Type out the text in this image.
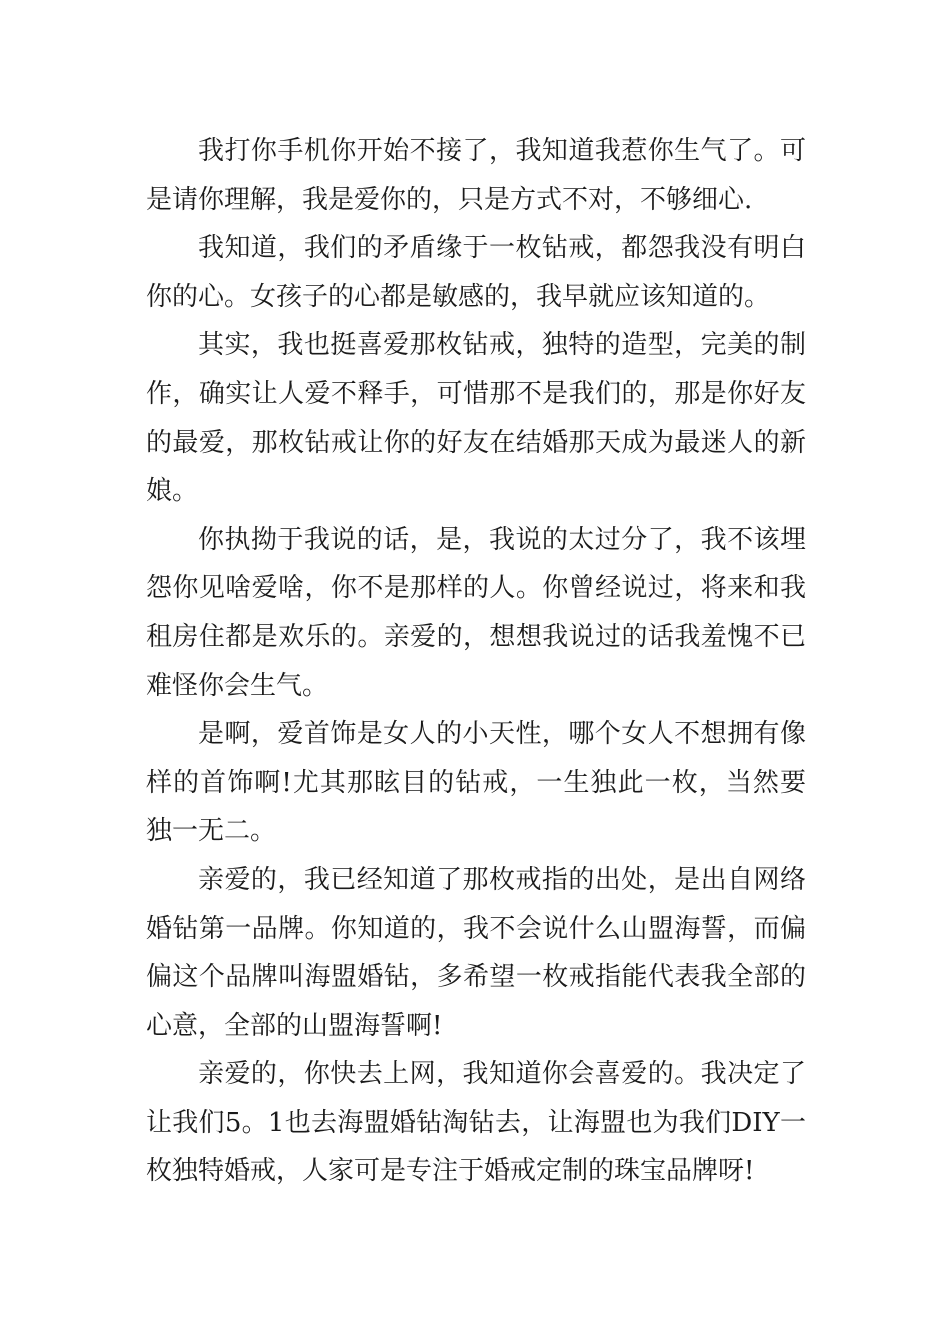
我打你手机你开始不接了，我知道我惹你生气了。可是请你理解，我是爱你的，只是方式不对，不够细心.

我知道，我们的矛盾缘于一枚钻戒，都怨我没有明白你的心。女孩子的心都是敏感的，我早就应该知道的。

其实，我也挺喜爱那枚钻戒，独特的造型，完美的制作，确实让人爱不释手，可惜那不是我们的，那是你好友的最爱，那枚钻戒让你的好友在结婚那天成为最迷人的新娘。

你执拗于我说的话，是，我说的太过分了，我不该埋怨你见啥爱啥，你不是那样的人。你曾经说过，将来和我租房住都是欢乐的。亲爱的，想想我说过的话我羞愧不已难怪你会生气。

是啊，爱首饰是女人的小天性，哪个女人不想拥有像样的首饰啊!尤其那眩目的钻戒，一生独此一枚，当然要独一无二。

亲爱的，我已经知道了那枚戒指的出处，是出自网络婚钻第一品牌。你知道的，我不会说什么山盟海誓，而偏偏这个品牌叫海盟婚钻，多希望一枚戒指能代表我全部的心意，全部的山盟海誓啊!

亲爱的，你快去上网，我知道你会喜爱的。我决定了让我们5。1也去海盟婚钻淘钻去，让海盟也为我们DIY一枚独特婚戒，人家可是专注于婚戒定制的珠宝品牌呀!
